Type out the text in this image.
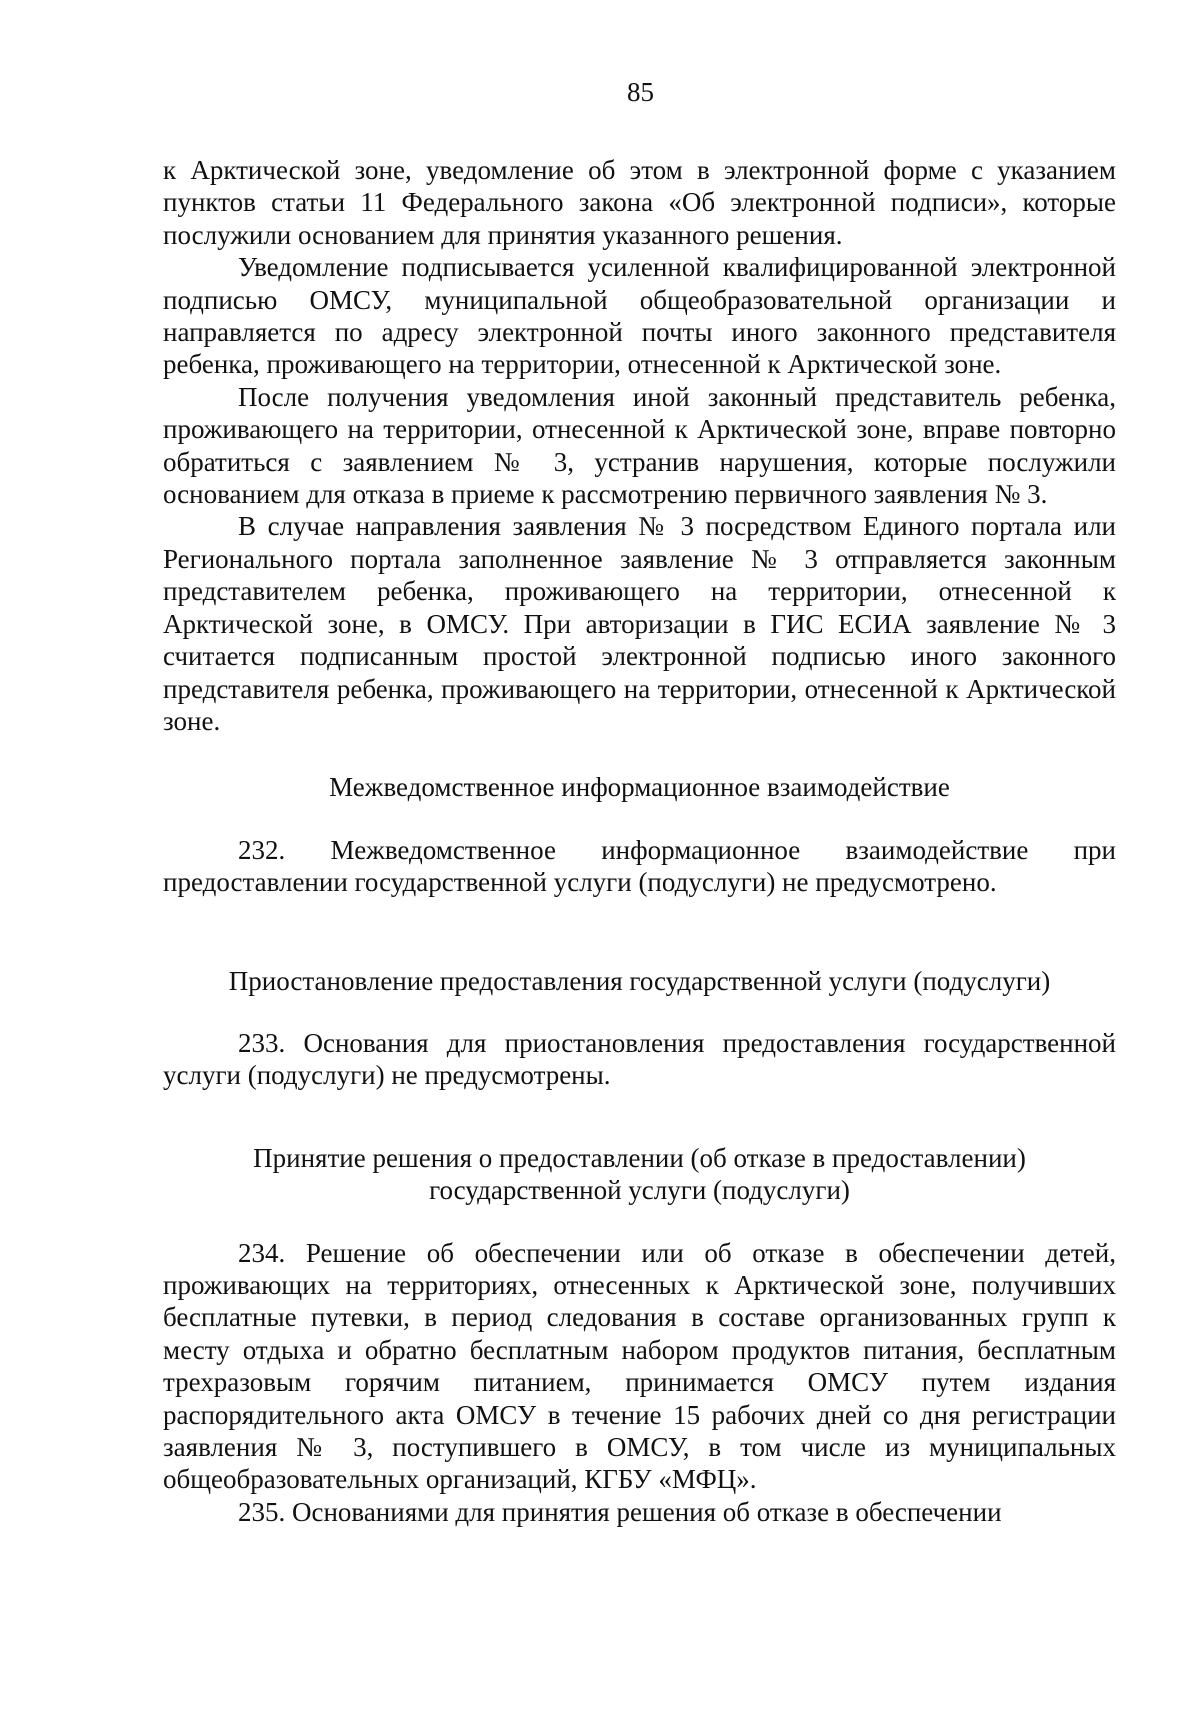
85

к Арктической зоне, уведомление об этом в электронной форме с указанием пунктов статьи 11 Федерального закона «Об электронной подписи», которые послужили основанием для принятия указанного решения.

Уведомление подписывается усиленной квалифицированной электронной подписью ОМСУ, муниципальной общеобразовательной организации и направляется по адресу электронной почты иного законного представителя ребенка, проживающего на территории, отнесенной к Арктической зоне.

После получения уведомления иной законный представитель ребенка, проживающего на территории, отнесенной к Арктической зоне, вправе повторно обратиться с заявлением № 3, устранив нарушения, которые послужили основанием для отказа в приеме к рассмотрению первичного заявления № 3.

В случае направления заявления № 3 посредством Единого портала или Регионального портала заполненное заявление № 3 отправляется законным представителем ребенка, проживающего на территории, отнесенной к Арктической зоне, в ОМСУ. При авторизации в ГИС ЕСИА заявление № 3 считается подписанным простой электронной подписью иного законного представителя ребенка, проживающего на территории, отнесенной к Арктической зоне.

Межведомственное информационное взаимодействие

232. Межведомственное информационное взаимодействие при предоставлении государственной услуги (подуслуги) не предусмотрено.

Приостановление предоставления государственной услуги (подуслуги)

233. Основания для приостановления предоставления государственной услуги (подуслуги) не предусмотрены.

Принятие решения о предоставлении (об отказе в предоставлении)
государственной услуги (подуслуги)

234. Решение об обеспечении или об отказе в обеспечении детей, проживающих на территориях, отнесенных к Арктической зоне, получивших бесплатные путевки, в период следования в составе организованных групп к месту отдыха и обратно бесплатным набором продуктов питания, бесплатным трехразовым горячим питанием, принимается ОМСУ путем издания распорядительного акта ОМСУ в течение 15 рабочих дней со дня регистрации заявления № 3, поступившего в ОМСУ, в том числе из муниципальных общеобразовательных организаций, КГБУ «МФЦ».

235. Основаниями для принятия решения об отказе в обеспечении
